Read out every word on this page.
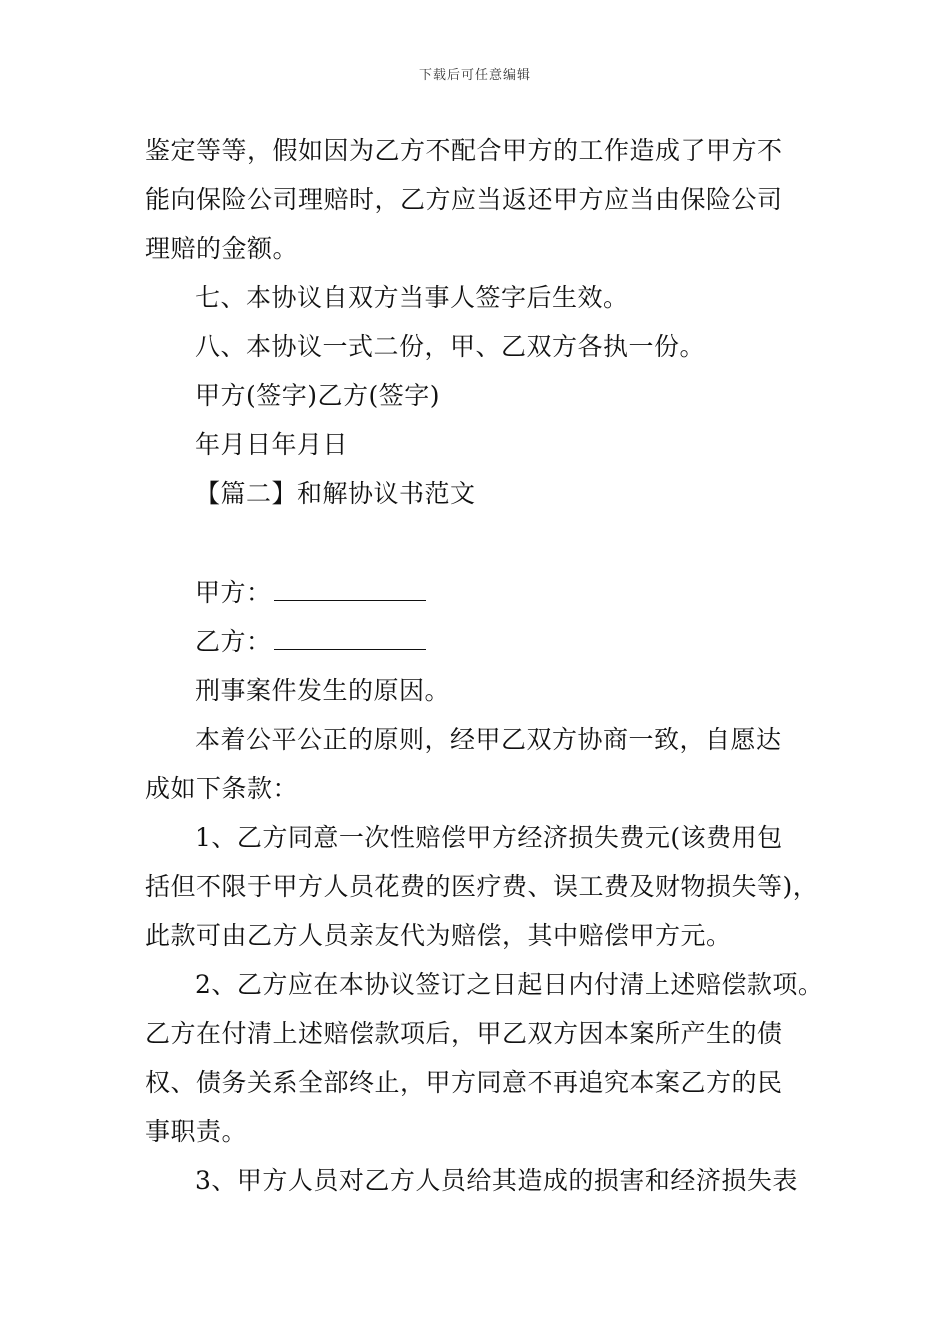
下载后可任意编辑
鉴定等等，假如因为乙方不配合甲方的工作造成了甲方不
能向保险公司理赔时，乙方应当返还甲方应当由保险公司
理赔的金额。
七、本协议自双方当事人签字后生效。
八、本协议一式二份，甲、乙双方各执一份。
甲方(签字)乙方(签字)
年月日年月日
【篇二】和解协议书范文
甲方：
乙方：
刑事案件发生的原因。
本着公平公正的原则，经甲乙双方协商一致，自愿达
成如下条款：
1、乙方同意一次性赔偿甲方经济损失费元(该费用包
括但不限于甲方人员花费的医疗费、误工费及财物损失等)，
此款可由乙方人员亲友代为赔偿，其中赔偿甲方元。
2、乙方应在本协议签订之日起日内付清上述赔偿款项。
乙方在付清上述赔偿款项后，甲乙双方因本案所产生的债
权、债务关系全部终止，甲方同意不再追究本案乙方的民
事职责。
3、甲方人员对乙方人员给其造成的损害和经济损失表
